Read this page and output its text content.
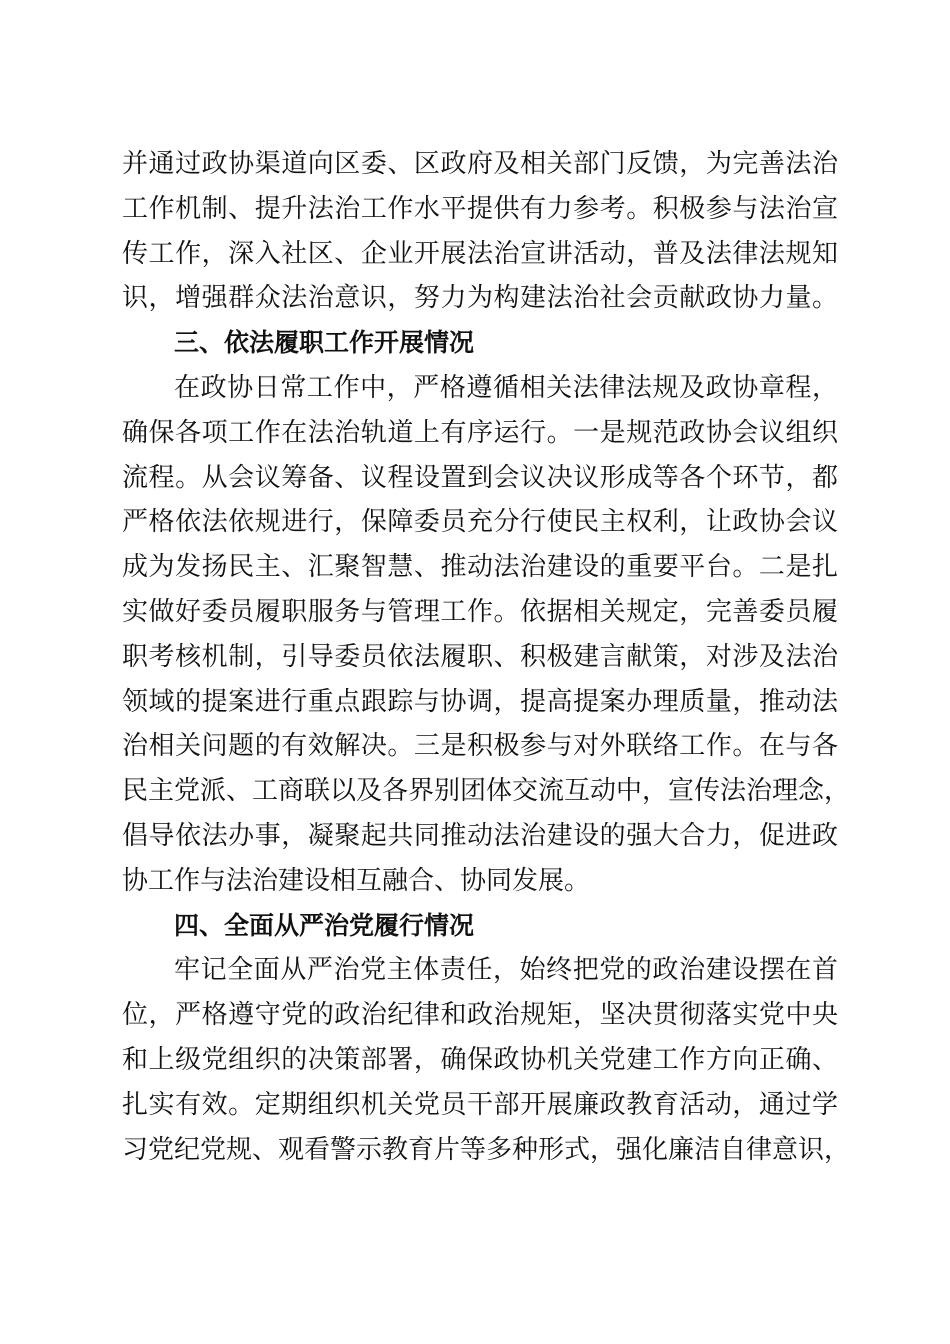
并通过政协渠道向区委、区政府及相关部门反馈，为完善法治
工作机制、提升法治工作水平提供有力参考。积极参与法治宣
传工作，深入社区、企业开展法治宣讲活动，普及法律法规知
识，增强群众法治意识，努力为构建法治社会贡献政协力量。
三、依法履职工作开展情况
在政协日常工作中，严格遵循相关法律法规及政协章程，
确保各项工作在法治轨道上有序运行。一是规范政协会议组织
流程。从会议筹备、议程设置到会议决议形成等各个环节，都
严格依法依规进行，保障委员充分行使民主权利，让政协会议
成为发扬民主、汇聚智慧、推动法治建设的重要平台。二是扎
实做好委员履职服务与管理工作。依据相关规定，完善委员履
职考核机制，引导委员依法履职、积极建言献策，对涉及法治
领域的提案进行重点跟踪与协调，提高提案办理质量，推动法
治相关问题的有效解决。三是积极参与对外联络工作。在与各
民主党派、工商联以及各界别团体交流互动中，宣传法治理念，
倡导依法办事，凝聚起共同推动法治建设的强大合力，促进政
协工作与法治建设相互融合、协同发展。
四、全面从严治党履行情况
牢记全面从严治党主体责任，始终把党的政治建设摆在首
位，严格遵守党的政治纪律和政治规矩，坚决贯彻落实党中央
和上级党组织的决策部署，确保政协机关党建工作方向正确、
扎实有效。定期组织机关党员干部开展廉政教育活动，通过学
习党纪党规、观看警示教育片等多种形式，强化廉洁自律意识，
